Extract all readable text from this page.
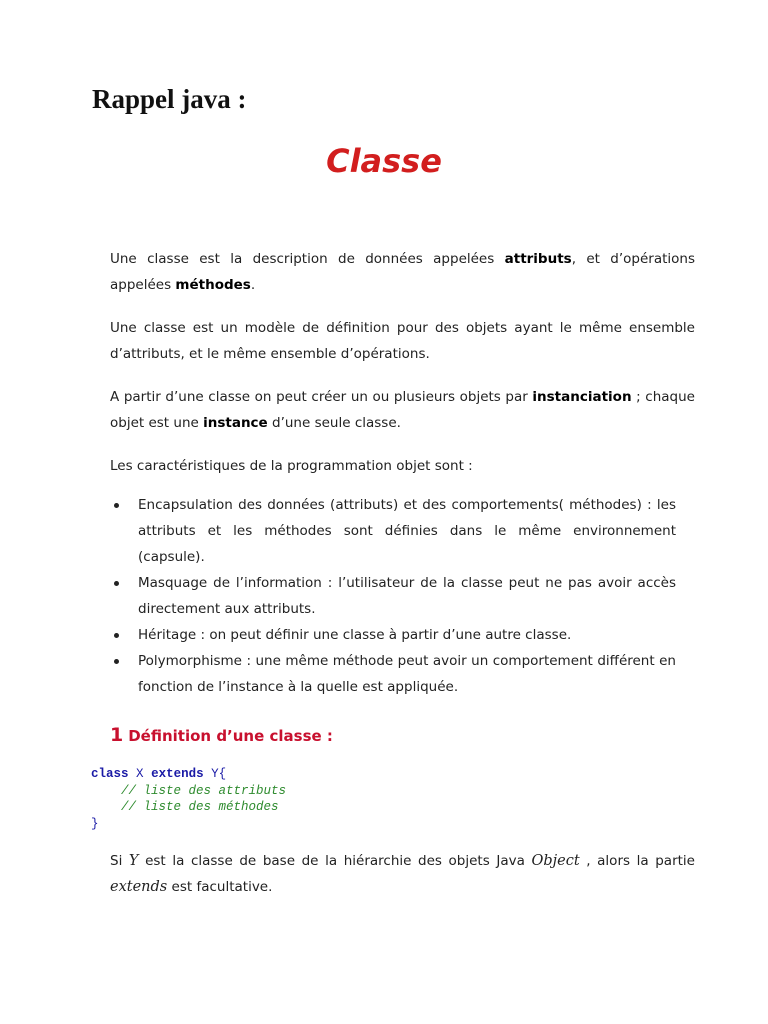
Rappel java :
Classe

Une classe est la description de données appelées attributs, et d’opérations appelées méthodes.

Une classe est un modèle de définition pour des objets ayant le même ensemble d’attributs, et le même ensemble d’opérations.

A partir d’une classe on peut créer un ou plusieurs objets par instanciation ; chaque objet est une instance d’une seule classe.

Les caractéristiques de la programmation objet sont :

Encapsulation des données (attributs) et des comportements( méthodes) : les attributs et les méthodes sont définies dans le même environnement (capsule).
Masquage de l’information : l’utilisateur de la classe peut ne pas avoir accès directement aux attributs.
Héritage : on peut définir une classe à partir d’une autre classe.
Polymorphisme : une même méthode peut avoir un comportement différent en fonction de l’instance à la quelle est appliquée.
1 Définition d’une classe :
class X extends Y{
// liste des attributs
// liste des méthodes
}

Si Y est la classe de base de la hiérarchie des objets Java Object , alors la partie extends est facultative.
